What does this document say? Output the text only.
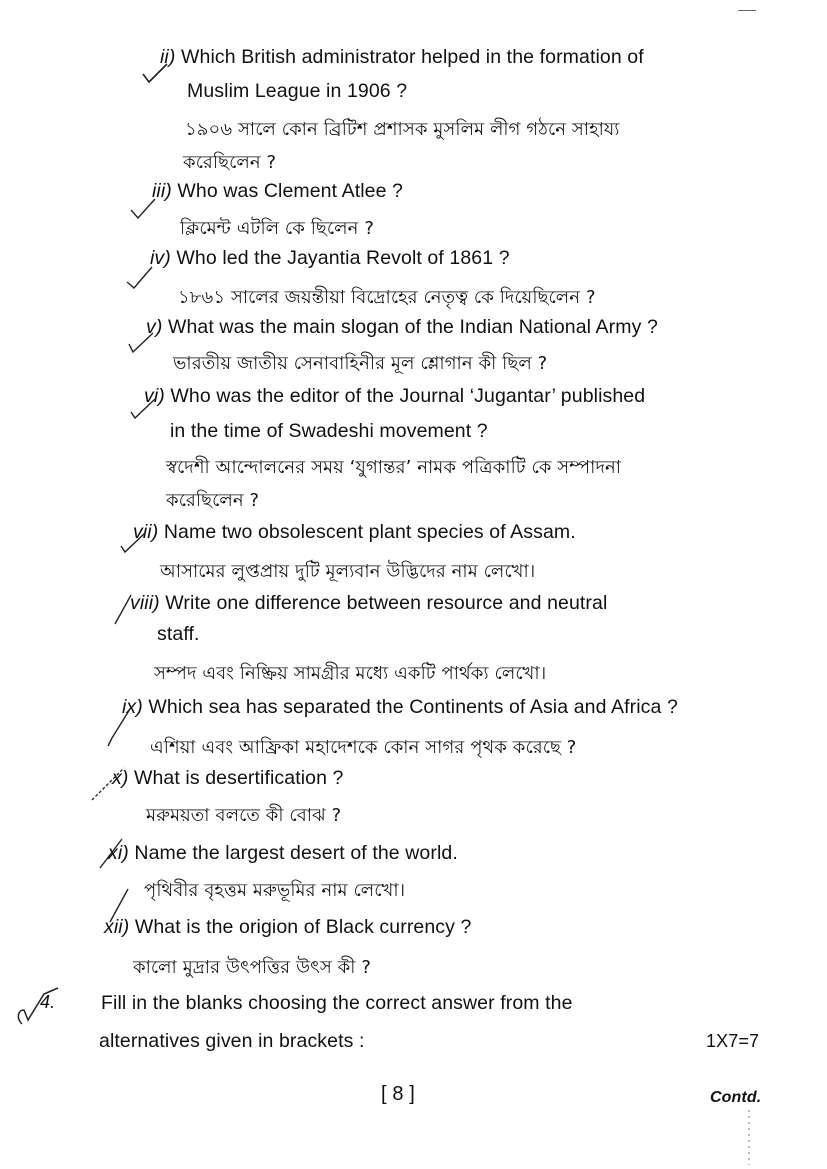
ii) Which British administrator helped in the formation of
Muslim League in 1906 ?
১৯০৬ সালে কোন ব্রিটিশ প্রশাসক মুসলিম লীগ গঠনে সাহায্য
করেছিলেন ?
iii) Who was Clement Atlee ?
ক্লিমেন্ট এটলি কে ছিলেন ?
iv) Who led the Jayantia Revolt of 1861 ?
১৮৬১ সালের জয়ন্তীয়া বিদ্রোহের নেতৃত্ব কে দিয়েছিলেন ?
v) What was the main slogan of the Indian National Army ?
ভারতীয় জাতীয় সেনাবাহিনীর মূল শ্লোগান কী ছিল ?
vi) Who was the editor of the Journal ‘Jugantar’ published
in the time of Swadeshi movement ?
স্বদেশী আন্দোলনের সময় ‘যুগান্তর’ নামক পত্রিকাটি কে সম্পাদনা
করেছিলেন ?
vii) Name two obsolescent plant species of Assam.
আসামের লুপ্তপ্রায় দুটি মূল্যবান উদ্ভিদের নাম লেখো।
viii) Write one difference between resource and neutral
staff.
সম্পদ এবং নিষ্ক্রিয় সামগ্রীর মধ্যে একটি পার্থক্য লেখো।
ix) Which sea has separated the Continents of Asia and Africa ?
এশিয়া এবং আফ্রিকা মহাদেশকে কোন সাগর পৃথক করেছে ?
x) What is desertification ?
মরুময়তা বলতে কী বোঝ ?
xi) Name the largest desert of the world.
পৃথিবীর বৃহত্তম মরুভূমির নাম লেখো।
xii) What is the origion of Black currency ?
কালো মুদ্রার উৎপত্তির উৎস কী ?
4. Fill in the blanks choosing the correct answer from the
alternatives given in brackets :	1X7=7
[ 8 ]	Contd.
